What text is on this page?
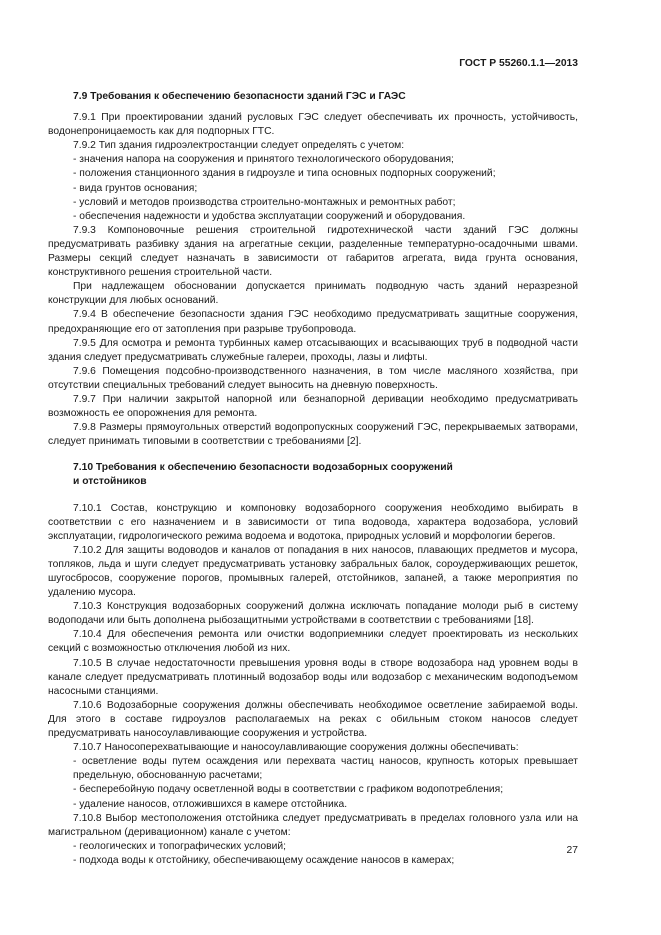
ГОСТ Р 55260.1.1—2013

7.9 Требования к обеспечению безопасности зданий ГЭС и ГАЭС

7.9.1 При проектировании зданий русловых ГЭС следует обеспечивать их прочность, устойчивость, водонепроницаемость как для подпорных ГТС.

7.9.2 Тип здания гидроэлектростанции следует определять с учетом:

- значения напора на сооружения и принятого технологического оборудования;

- положения станционного здания в гидроузле и типа основных подпорных сооружений;

- вида грунтов основания;

- условий и методов производства строительно-монтажных и ремонтных работ;

- обеспечения надежности и удобства эксплуатации сооружений и оборудования.

7.9.3 Компоновочные решения строительной гидротехнической части зданий ГЭС должны предусматривать разбивку здания на агрегатные секции, разделенные температурно-осадочными швами. Размеры секций следует назначать в зависимости от габаритов агрегата, вида грунта основания, конструктивного решения строительной части.

При надлежащем обосновании допускается принимать подводную часть зданий неразрезной конструкции для любых оснований.

7.9.4 В обеспечение безопасности здания ГЭС необходимо предусматривать защитные сооружения, предохраняющие его от затопления при разрыве трубопровода.

7.9.5 Для осмотра и ремонта турбинных камер отсасывающих и всасывающих труб в подводной части здания следует предусматривать служебные галереи, проходы, лазы и лифты.

7.9.6 Помещения подсобно-производственного назначения, в том числе масляного хозяйства, при отсутствии специальных требований следует выносить на дневную поверхность.

7.9.7 При наличии закрытой напорной или безнапорной деривации необходимо предусматривать возможность ее опорожнения для ремонта.

7.9.8 Размеры прямоугольных отверстий водопропускных сооружений ГЭС, перекрываемых затворами, следует принимать типовыми в соответствии с требованиями [2].

7.10 Требования к обеспечению безопасности водозаборных сооружений

и отстойников

7.10.1 Состав, конструкцию и компоновку водозаборного сооружения необходимо выбирать в соответствии с его назначением и в зависимости от типа водовода, характера водозабора, условий эксплуатации, гидрологического режима водоема и водотока, природных условий и морфологии берегов.

7.10.2 Для защиты водоводов и каналов от попадания в них наносов, плавающих предметов и мусора, топляков, льда и шуги следует предусматривать установку забральных балок, сороудерживающих решеток, шугосбросов, сооружение порогов, промывных галерей, отстойников, запаней, а также мероприятия по удалению мусора.

7.10.3 Конструкция водозаборных сооружений должна исключать попадание молоди рыб в систему водоподачи или быть дополнена рыбозащитными устройствами в соответствии с требованиями [18].

7.10.4 Для обеспечения ремонта или очистки водоприемники следует проектировать из нескольких секций с возможностью отключения любой из них.

7.10.5 В случае недостаточности превышения уровня воды в створе водозабора над уровнем воды в канале следует предусматривать плотинный водозабор воды или водозабор с механическим водоподъемом насосными станциями.

7.10.6 Водозаборные сооружения должны обеспечивать необходимое осветление забираемой воды. Для этого в составе гидроузлов располагаемых на реках с обильным стоком наносов следует предусматривать наносоулавливающие сооружения и устройства.

7.10.7 Наносоперехватывающие и наносоулавливающие сооружения должны обеспечивать:

- осветление воды путем осаждения или перехвата частиц наносов, крупность которых превышает предельную, обоснованную расчетами;

- бесперебойную подачу осветленной воды в соответствии с графиком водопотребления;

- удаление наносов, отложившихся в камере отстойника.

7.10.8 Выбор местоположения отстойника следует предусматривать в пределах головного узла или на магистральном (деривационном) канале с учетом:

- геологических и топографических условий;

- подхода воды к отстойнику, обеспечивающему осаждение наносов в камерах;

27
